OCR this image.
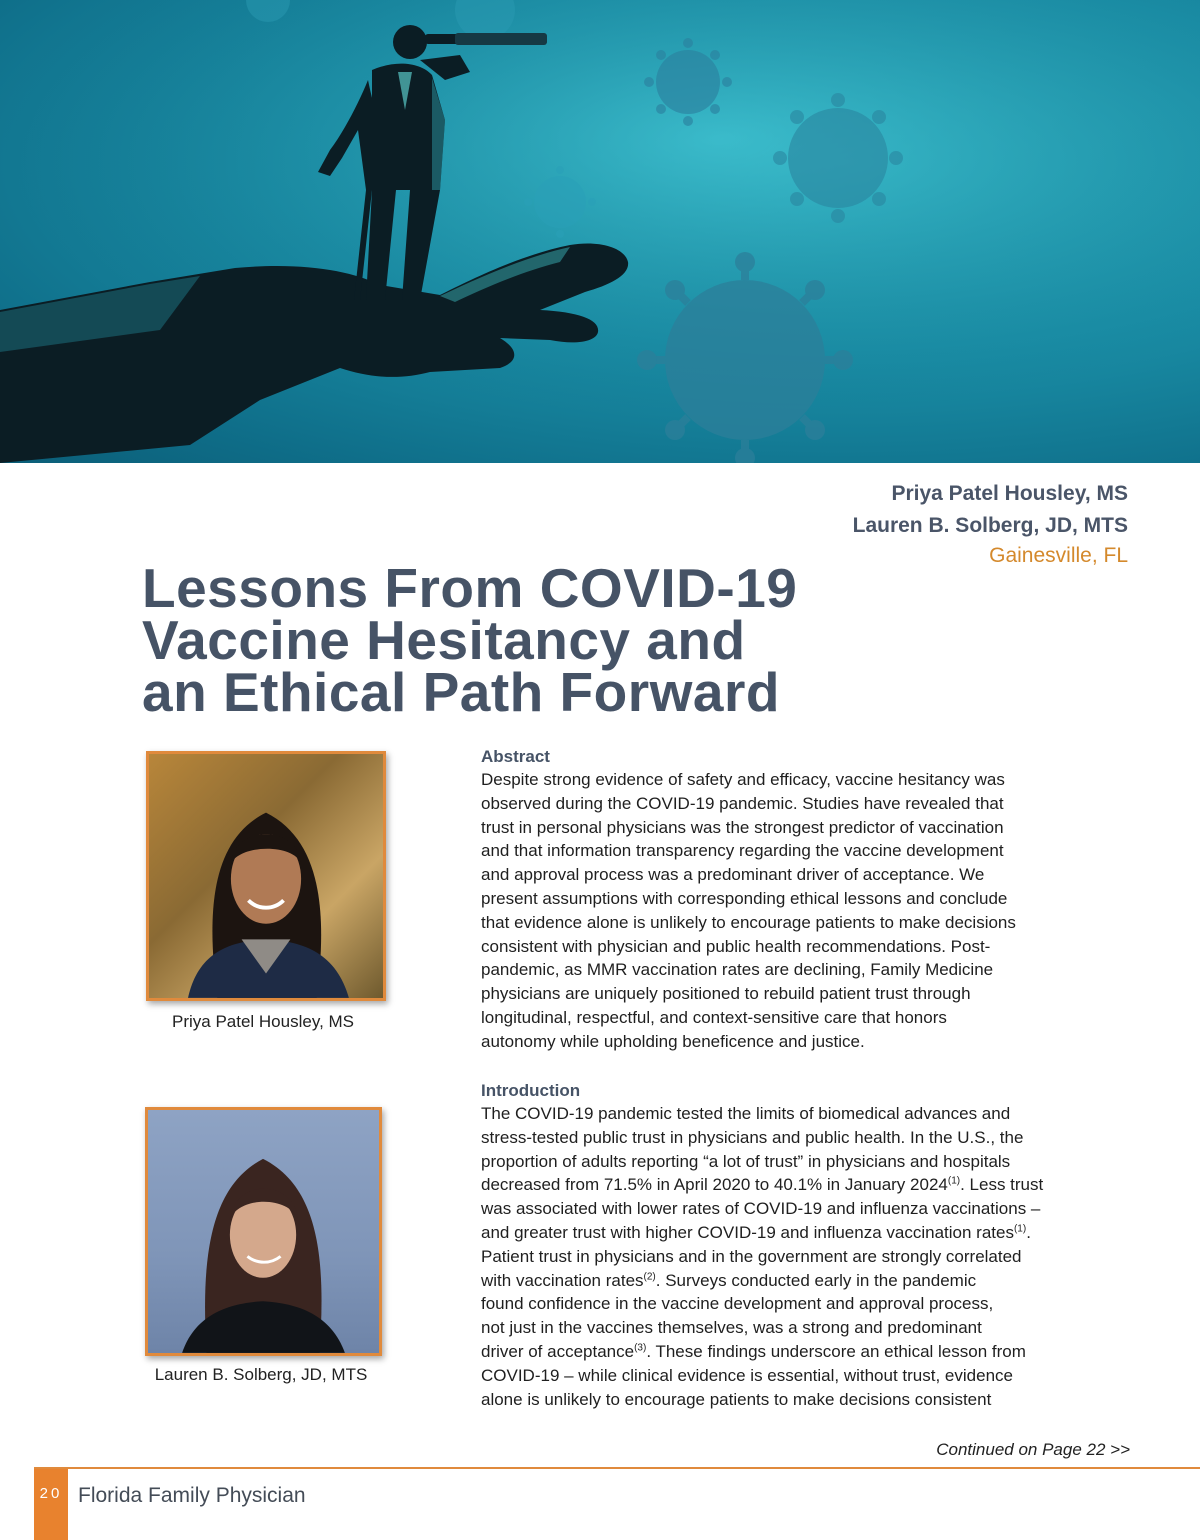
Priya Patel Housley, MS
Lauren B. Solberg, JD, MTS
Gainesville, FL
Lessons From COVID-19
Vaccine Hesitancy and
an Ethical Path Forward
Priya Patel Housley, MS
Lauren B. Solberg, JD, MTS
Abstract
Despite strong evidence of safety and efficacy, vaccine hesitancy was
observed during the COVID-19 pandemic. Studies have revealed that
trust in personal physicians was the strongest predictor of vaccination
and that information transparency regarding the vaccine development
and approval process was a predominant driver of acceptance. We
present assumptions with corresponding ethical lessons and conclude
that evidence alone is unlikely to encourage patients to make decisions
consistent with physician and public health recommendations. Post-
pandemic, as MMR vaccination rates are declining, Family Medicine
physicians are uniquely positioned to rebuild patient trust through
longitudinal, respectful, and context-sensitive care that honors
autonomy while upholding beneficence and justice.
Introduction
The COVID-19 pandemic tested the limits of biomedical advances and
stress-tested public trust in physicians and public health. In the U.S., the
proportion of adults reporting “a lot of trust” in physicians and hospitals
decreased from 71.5% in April 2020 to 40.1% in January 2024$^{(1)}$. Less trust
was associated with lower rates of COVID-19 and influenza vaccinations –
and greater trust with higher COVID-19 and influenza vaccination rates$^{(1)}$.
Patient trust in physicians and in the government are strongly correlated
with vaccination rates$^{(2)}$. Surveys conducted early in the pandemic
found confidence in the vaccine development and approval process,
not just in the vaccines themselves, was a strong and predominant
driver of acceptance$^{(3)}$. These findings underscore an ethical lesson from
COVID-19 – while clinical evidence is essential, without trust, evidence
alone is unlikely to encourage patients to make decisions consistent
Continued on Page 22 >>
20 Florida Family Physician
